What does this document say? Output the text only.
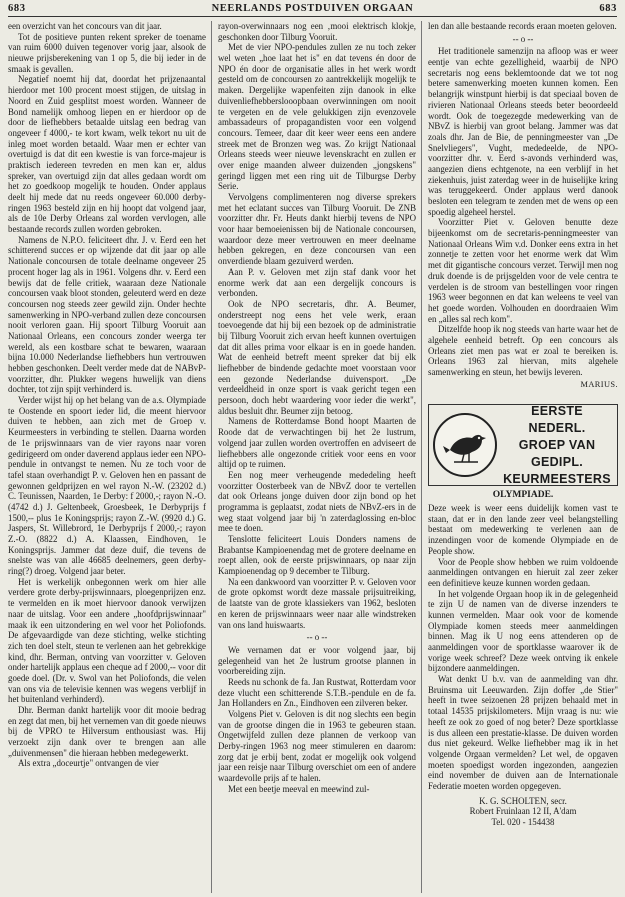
683	NEERLANDS POSTDUIVEN ORGAAN	683

een overzicht van het concours van dit jaar.

Tot de positieve punten rekent spreker de toename van ruim 6000 duiven tegenover vorig jaar, alsook de nieuwe prijsberekening van 1 op 5, die bij ieder in de smaak is gevallen.

Negatief noemt hij dat, doordat het prijzenaantal hierdoor met 100 procent moest stijgen, de uitslag in Noord en Zuid gesplitst moest worden. Wanneer de Bond namelijk omhoog liepen en er hierdoor op de door de liefhebbers betaalde uitslag een bedrag van ongeveer f 4000,- te kort kwam, welk tekort nu uit de inleg moet worden betaald. Waar men er echter van overtuigd is dat dit een kwestie is van force-majeur is praktisch iedereen tevreden en men kan er, aldus spreker, van overtuigd zijn dat alles gedaan wordt om het zo goedkoop mogelijk te houden. Onder applaus deelt hij mede dat nu reeds ongeveer 60.000 derby-ringen 1963 besteld zijn en hij hoopt dat volgend jaar, als de 10e Derby Orleans zal worden vervlogen, alle bestaande records zullen worden gebroken.

Namens de N.P.O. feliciteert dhr. J. v. Eerd een het schitterend succes er op wijzende dat dit jaar op alle Nationale concoursen de totale deelname ongeveer 25 procent hoger lag als in 1961. Volgens dhr. v. Eerd een bewijs dat de felle critiek, waaraan deze Nationale concoursen vaak bloot stonden, geleuterd werd en deze concoursen nog steeds zeer gewild zijn. Onder hechte samenwerking in NPO-verband zullen deze concoursen nooit verloren gaan. Hij spoort Tilburg Vooruit aan Nationaal Orleans, een concours zonder weerga ter wereld, als een kostbare schat te bewaren, waaraan bijna 10.000 Nederlandse liefhebbers hun vertrouwen hebben geschonken. Deelt verder mede dat de NABvP-voorzitter, dhr. Plukker wegens huwelijk van diens dochter, tot zijn spijt verhinderd is.

Verder wijst hij op het belang van de a.s. Olympiade te Oostende en spoort ieder lid, die meent hiervoor duiven te hebben, aan zich met de Groep v. Keurmeesters in verbinding te stellen. Daarna worden de 1e prijswinnaars van de vier rayons naar voren gedirigeerd om onder daverend applaus ieder een NPO-pendule in ontvangst te nemen. Nu ze toch voor de tafel staan overhandigt P. v. Geloven hen en passant de gewonnen geldprijzen en wel rayon N.-W. (23202 d.) C. Teunissen, Naarden, 1e Derby: f 2000,-; rayon N.-O. (4742 d.) J. Geltenbeek, Groesbeek, 1e Derbyprijs f 1500,-- plus 1e Koningsprijs; rayon Z.-W. (9920 d.) G. Jaspers, St. Willebrord, 1e Derbyprijs f 2000,-; rayon Z.-O. (8822 d.) A. Klaassen, Eindhoven, 1e Koningsprijs. Jammer dat deze duif, die tevens de snelste was van alle 46685 deelnemers, geen derby-ring(?) droeg. Volgend jaar beter.

Het is werkelijk onbegonnen werk om hier alle verdere grote derby-prijswinnaars, ploegenprijzen enz. te vermelden en ik moet hiervoor danook verwijzen naar de uitslag. Voor een andere „hoofdprijswinnaar" maak ik een uitzondering en wel voor het Poliofonds. De afgevaardigde van deze stichting, welke stichting zich ten doel stelt, steun te verlenen aan het gebrekkige kind, dhr. Berman, ontving van voorzitter v. Geloven onder hartelijk applaus een cheque ad f 2000,-- voor dit goede doel. (Dr. v. Swol van het Poliofonds, die velen van ons via de televisie kennen was wegens verblijf in het buitenland verhinderd).

Dhr. Berman dankt hartelijk voor dit mooie bedrag en zegt dat men, bij het vernemen van dit goede nieuws bij de VPRO te Hilversum enthousiast was. Hij verzoekt zijn dank over te brengen aan alle „duivenmensen" die hieraan hebben medegewerkt.

Als extra „doceurtje" ontvangen de vier

rayon-overwinnaars nog een ‚mooi elektrisch klokje, geschonken door Tilburg Vooruit.

Met de vier NPO-pendules zullen ze nu toch zeker wel weten „hoe laat het is" en dat tevens én door de NPO én door de organisatie alles in het werk wordt gesteld om de concoursen zo aantrekkelijk mogelijk te maken. Dergelijke wapenfeiten zijn danook in elke duivenliefhebberslooopbaan overwinningen om nooit te vergeten en de vele gelukkigen zijn evenzovele ambassadeurs of propagandisten voor een volgend concours. Temeer, daar dit keer weer eens een andere streek met de Bronzen weg was. Zo krijgt Nationaal Orleans steeds weer nieuwe levenskracht en zullen er over enige maanden alweer duizenden „jongskens" geringd liggen met een ring uit de Tilburgse Derby Serie.

Vervolgens complimenteren nog diverse sprekers met het eclatant succes van Tilburg Vooruit. De ZNB voorzitter dhr. Fr. Heuts dankt hierbij tevens de NPO voor haar bemoeienissen bij de Nationale concoursen, waardoor deze meer vertrouwen en meer deelname hebben gekregen, en deze concoursen van een onverdiende blaam gezuiverd werden.

Aan P. v. Geloven met zijn staf dank voor het enorme werk dat aan een dergelijk concours is verbonden.

Ook de NPO secretaris, dhr. A. Beumer, onderstreept nog eens het vele werk, eraan toevoegende dat hij bij een bezoek op de administratie bij Tilburg Vooruit zich ervan heeft kunnen overtuigen dat dit alles prima voor elkaar is en in goede handen. Wat de eenheid betreft meent spreker dat bij elk liefhebber de bindende gedachte moet voorstaan voor een gezonde Nederlandse duivensport. „De verdeeldheid in onze sport is vaak gericht tegen een persoon, doch hebt waardering voor ieder die werkt", aldus besluit dhr. Beumer zijn betoog.

Namens de Rotterdamse Bond hoopt Maarten de Roode dat de verwachtingen bij het 2e lustrum, volgend jaar zullen worden overtroffen en adviseert de liefhebbers alle ongezonde critiek voor eens en voor altijd op te ruimen.

Een nog meer verheugende mededeling heeft voorzitter Oosterbeek van de NBvZ door te vertellen dat ook Orleans jonge duiven door zijn bond op het programma is geplaatst, zodat niets de NBvZ-ers in de weg staat volgend jaar bij 'n zaterdaglossing en-bloc mee te doen.

Tenslotte feliciteert Louis Donders namens de Brabantse Kampioenendag met de grotere deelname en roept allen, ook de eerste prijswinnaars, op naar zijn Kampioenendag op 9 december te Tilburg.

Na een dankwoord van voorzitter P. v. Geloven voor de grote opkomst wordt deze massale prijsuitreiking, de laatste van de grote klassiekers van 1962, besloten en keren de prijswinnaars weer naar alle windstreken van ons land huiswaarts.

-- o --

We vernamen dat er voor volgend jaar, bij gelegenheid van het 2e lustrum grootse plannen in voorbereiding zijn.

Reeds nu schonk de fa. Jan Rustwat, Rotterdam voor deze vlucht een schitterende S.T.B.-pendule en de fa. Jan Hollanders en Zn., Eindhoven een zilveren beker.

Volgens Piet v. Geloven is dit nog slechts een begin van de grootse dingen die in 1963 te gebeuren staan. Ongetwijfeld zullen deze plannen de verkoop van Derby-ringen 1963 nog meer stimuleren en daarom: zorg dat je erbij bent, zodat er mogelijk ook volgend jaar een reisje naar Tilburg overschiet om een of andere waardevolle prijs af te halen.

Met een beetje meeval en meewind zul-

len dan alle bestaande records eraan moeten geloven.

-- o --

Het traditionele samenzijn na afloop was er weer eentje van echte gezelligheid, waarbij de NPO secretaris nog eens beklemtoonde dat we tot nog betere samenwerking moeten kunnen komen. Een belangrijk winstpunt hierbij is dat speciaal boven de rivieren Nationaal Orleans steeds beter beoordeeld wordt. Ook de toegezegde medewerking van de NBvZ is hierbij van groot belang. Jammer was dat zoals dhr. Jan de Bie, de penningmeester van „De Snelvliegers", Vught, mededeelde, de NPO-voorzitter dhr. v. Eerd s-avonds verhinderd was, aangezien diens echtgenote, na een verblijf in het ziekenhuis, juist zaterdag weer in de huiselijke kring was teruggekeerd. Onder applaus werd danook besloten een telegram te zenden met de wens op een spoedig algeheel herstel.

Voorzitter Piet v. Geloven benutte deze bijeenkomst om de secretaris-penningmeester van Nationaal Orleans Wim v.d. Donker eens extra in het zonnetje te zetten voor het enorme werk dat Wim met dit gigantische concours verzet. Terwijl men nog druk doende is de prijsgelden voor de vele centra te verdelen is de stroom van bestellingen voor ringen 1963 weer begonnen en dat kan weleens te veel van het goede worden. Volhouden en doordraaien Wim en „alles sal rech kom".

Ditzelfde hoop ik nog steeds van harte waar het de algehele eenheid betreft. Op een concours als Orleans ziet men pas wat er zoal te bereiken is. Orleans 1963 zal hiervan, mits algehele samenwerking en steun, het bewijs leveren.

MARIUS.
EERSTE NEDERL.
GROEP VAN
GEDIPL. KEURMEESTERS
OLYMPIADE.

Deze week is weer eens duidelijk komen vast te staan, dat er in den lande zeer veel belangstelling bestaat om medewerking te verlenen aan de inzendingen voor de komende Olympiade en de People show.

Voor de People show hebben we ruim voldoende aanmeldingen ontvangen en hieruit zal zeer zeker een definitieve keuze kunnen worden gedaan.

In het volgende Orgaan hoop ik in de gelegenheid te zijn U de namen van de diverse inzenders te kunnen vermelden. Maar ook voor de komende Olympiade komen steeds meer aanmeldingen binnen. Mag ik U nog eens attenderen op de aanmeldingen voor de sportklasse waarover ik de vorige week schreef? Deze week ontving ik enkele bijzondere aanmeldingen.

Wat denkt U b.v. van de aanmelding van dhr. Bruinsma uit Leeuwarden. Zijn doffer „de Stier" heeft in twee seizoenen 28 prijzen behaald met in totaal 14535 prijskilometers. Mijn vraag is nu: wie heeft ze ook zo goed of nog beter? Deze sportklasse is dus alleen een prestatie-klasse. De duiven worden dus niet gekeurd. Welke liefhebber mag ik in het volgende Orgaan vermelden? Let wel, de opgaven moeten spoedigst worden ingezonden, aangezien eind november de duiven aan de Internationale Federatie moeten worden opgegeven.

K. G. SCHOLTEN, secr.
Robert Fruinlaan 12 II, A'dam
Tel. 020 - 154438
